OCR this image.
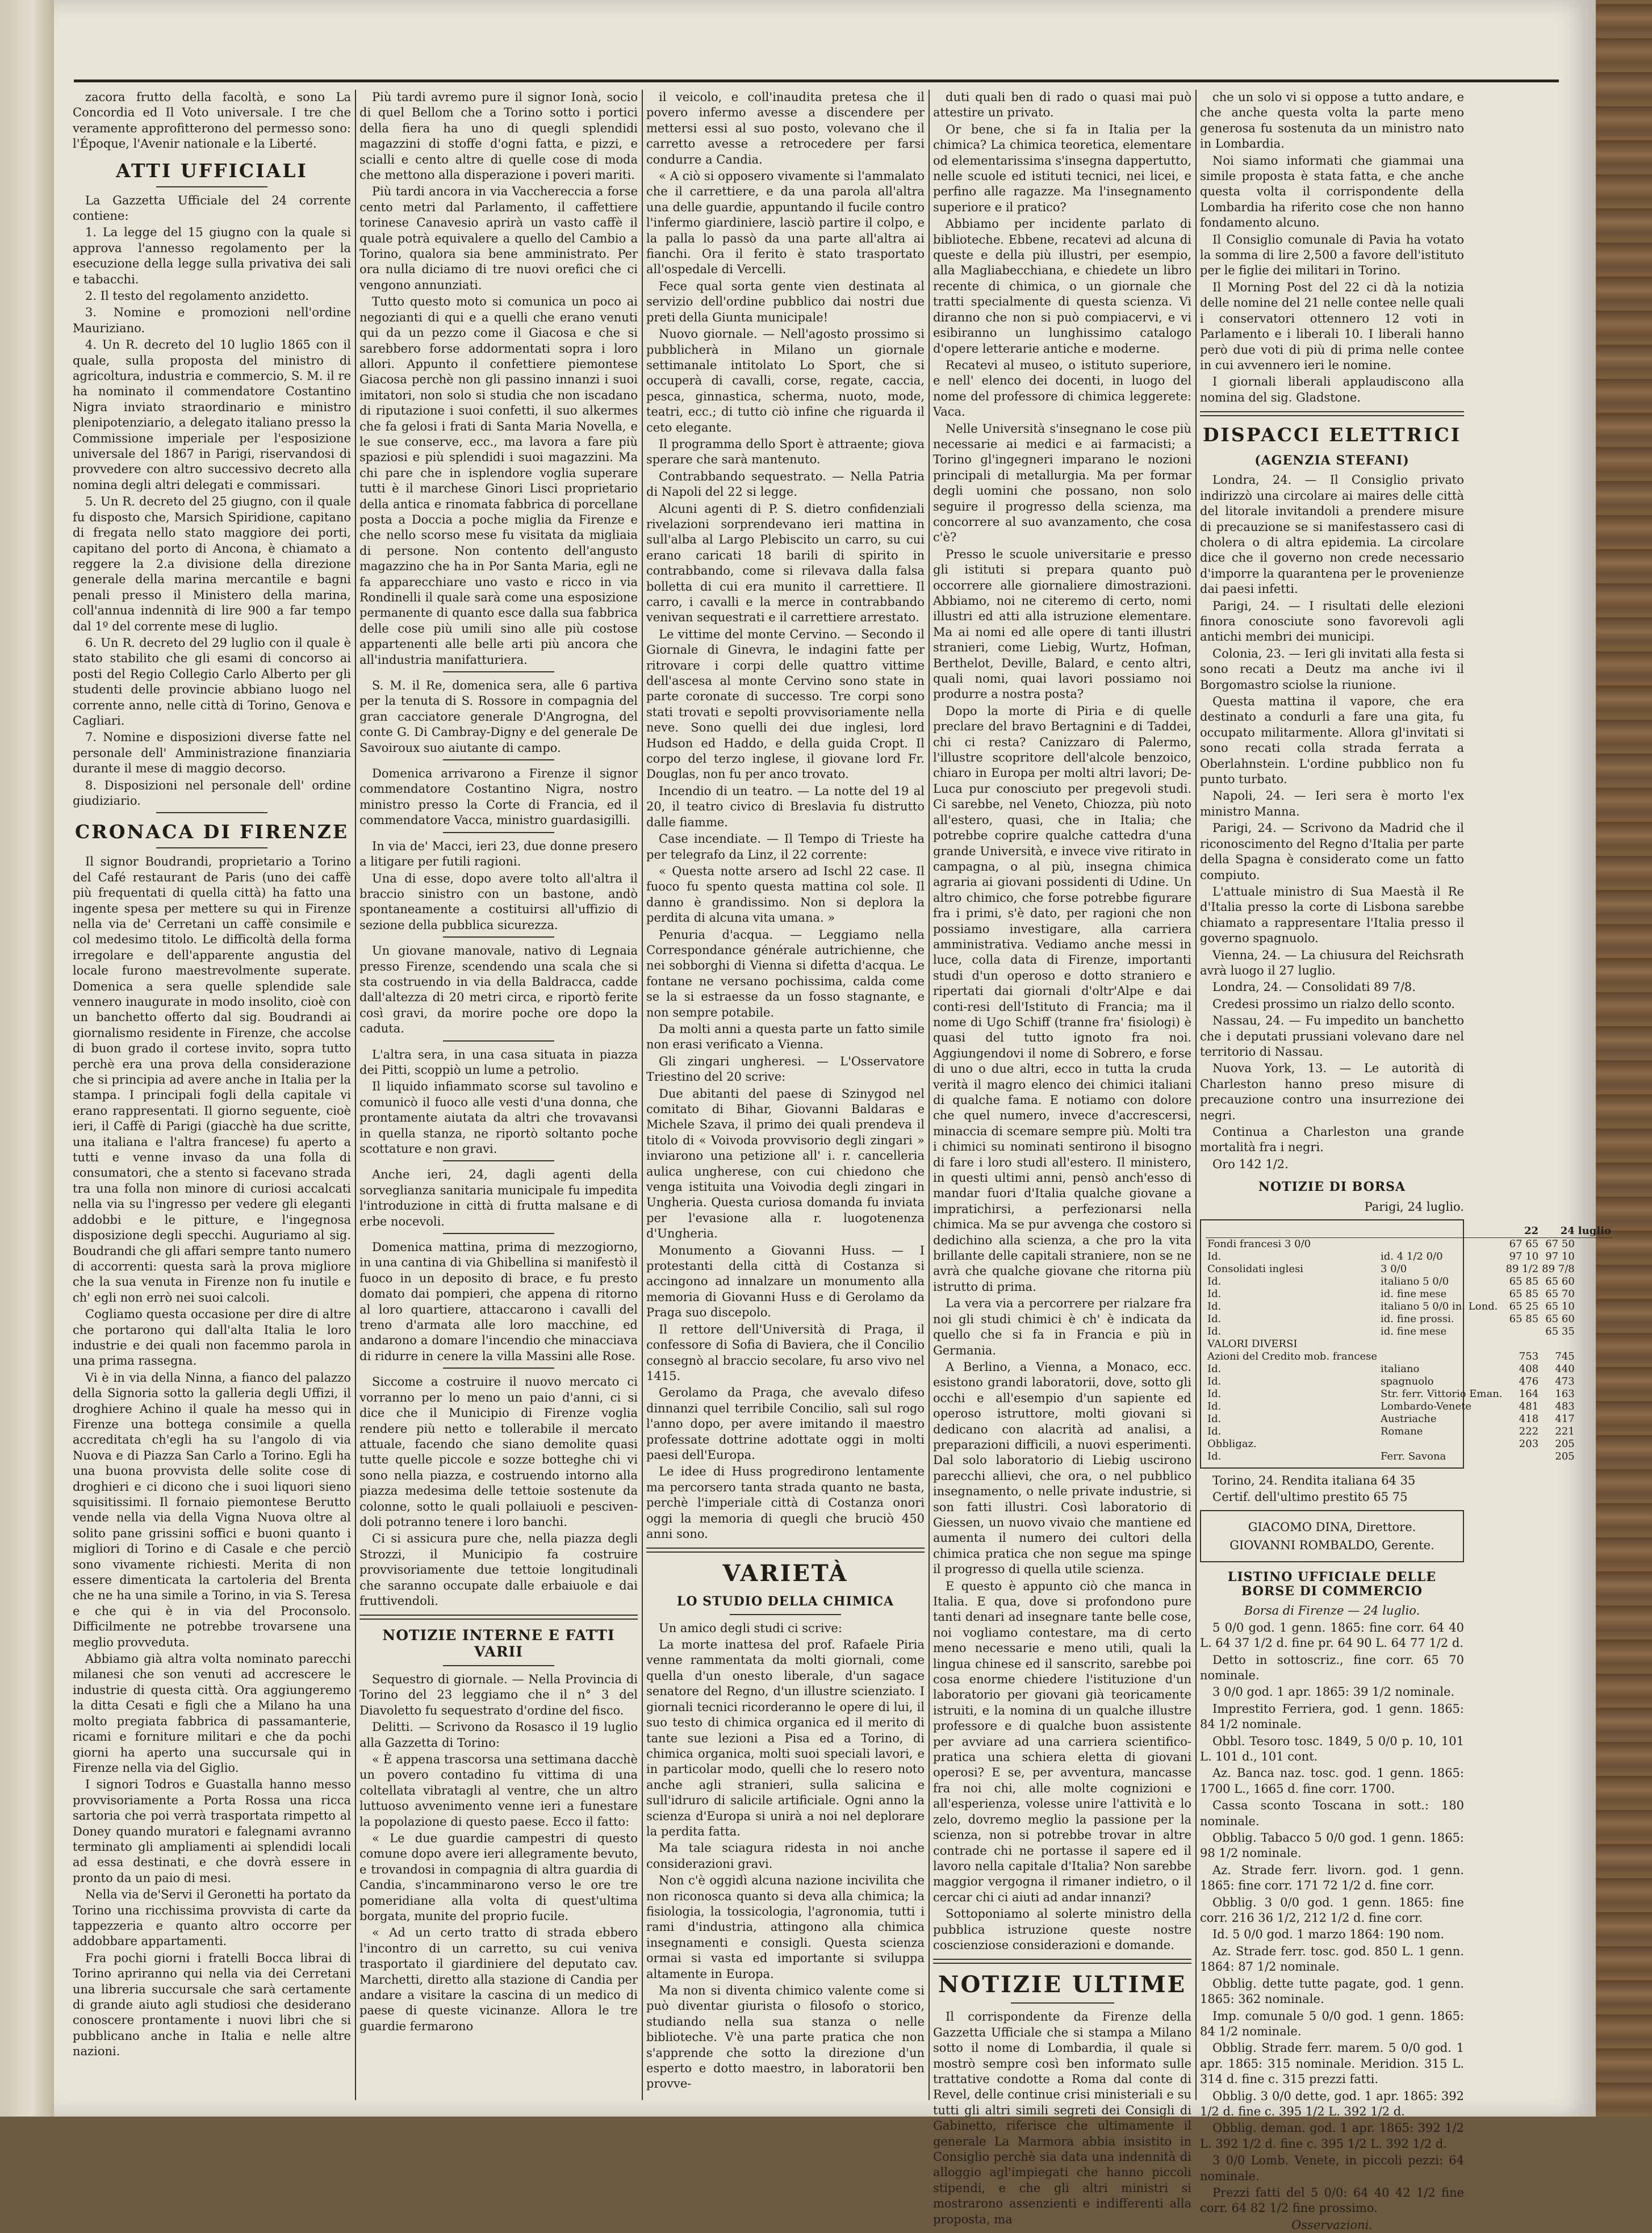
zacora frutto della facoltà, e sono La Concordia ed Il Voto universale. I tre che veramente approfitterono del permesso sono: l'Époque, l'Avenir nationale e la Liberté.

ATTI UFFICIALI

La Gazzetta Ufficiale del 24 corrente contiene:

1. La legge del 15 giugno con la quale si approva l'annesso regolamento per la esecuzione della legge sulla privativa dei sali e tabacchi.

2. Il testo del regolamento anzidetto.

3. Nomine e promozioni nell'ordine Mauriziano.

4. Un R. decreto del 10 luglio 1865 con il quale, sulla proposta del ministro di agricoltura, industria e commercio, S. M. il re ha nominato il commendatore Costantino Nigra inviato straordinario e ministro plenipotenziario, a delegato italiano presso la Commissione imperiale per l'esposizione universale del 1867 in Parigi, riservandosi di provvedere con altro successivo decreto alla nomina degli altri delegati e commissari.

5. Un R. decreto del 25 giugno, con il quale fu disposto che, Marsich Spiridione, capitano di fregata nello stato maggiore dei porti, capitano del porto di Ancona, è chiamato a reggere la 2.a divisione della direzione generale della marina mercantile e bagni penali presso il Ministero della marina, coll'annua indennità di lire 900 a far tempo dal 1º del corrente mese di luglio.

6. Un R. decreto del 29 luglio con il quale è stato stabilito che gli esami di concorso ai posti del Regio Collegio Carlo Alberto per gli studenti delle provincie abbiano luogo nel corrente anno, nelle città di Torino, Genova e Cagliari.

7. Nomine e disposizioni diverse fatte nel personale dell' Amministrazione finanziaria durante il mese di maggio decorso.

8. Disposizioni nel personale dell' ordine giudiziario.

CRONACA DI FIRENZE

Il signor Boudrandi, proprietario a Torino del Café restaurant de Paris (uno dei caffè più frequentati di quella città) ha fatto una ingente spesa per mettere su qui in Firenze nella via de' Cerretani un caffè consimile e col medesimo titolo. Le difficoltà della forma irregolare e dell'apparente angustia del locale furono maestrevolmente superate. Domenica a sera quelle splendide sale vennero inaugurate in modo insolito, cioè con un banchetto offerto dal sig. Boudrandi ai giornalismo residente in Firenze, che accolse di buon grado il cortese invito, sopra tutto perchè era una prova della considerazione che si principia ad avere anche in Italia per la stampa. I principali fogli della capitale vi erano rappresentati. Il giorno seguente, cioè ieri, il Caffè di Parigi (giacchè ha due scritte, una italiana e l'altra francese) fu aperto a tutti e venne invaso da una folla di consumatori, che a stento si facevano strada tra una folla non minore di curiosi accalcati nella via su l'ingresso per vedere gli eleganti addobbi e le pitture, e l'ingegnosa disposizione degli specchi. Auguriamo al sig. Boudrandi che gli affari sempre tanto numero di accorrenti: questa sarà la prova migliore che la sua venuta in Firenze non fu inutile e ch' egli non errò nei suoi calcoli.

Cogliamo questa occasione per dire di altre che portarono qui dall'alta Italia le loro industrie e dei quali non facemmo parola in una prima rassegna.

Vi è in via della Ninna, a fianco del palazzo della Signoria sotto la galleria degli Uffizi, il droghiere Achino il quale ha messo qui in Firenze una bottega consimile a quella accreditata ch'egli ha su l'angolo di via Nuova e di Piazza San Carlo a Torino. Egli ha una buona provvista delle solite cose di droghieri e ci dicono che i suoi liquori sieno squisitissimi. Il fornaio piemontese Berutto vende nella via della Vigna Nuova oltre al solito pane grissini soffici e buoni quanto i migliori di Torino e di Casale e che perciò sono vivamente richiesti. Merita di non essere dimenticata la cartoleria del Brenta che ne ha una simile a Torino, in via S. Teresa e che qui è in via del Proconsolo. Difficilmente ne potrebbe trovarsene una meglio provveduta.

Abbiamo già altra volta nominato parecchi milanesi che son venuti ad accrescere le industrie di questa città. Ora aggiungeremo la ditta Cesati e figli che a Milano ha una molto pregiata fabbrica di passamanterie, ricami e forniture militari e che da pochi giorni ha aperto una succursale qui in Firenze nella via del Giglio.

I signori Todros e Guastalla hanno messo provvisoriamente a Porta Rossa una ricca sartoria che poi verrà trasportata rimpetto al Doney quando muratori e falegnami avranno terminato gli ampliamenti ai splendidi locali ad essa destinati, e che dovrà essere in pronto da un paio di mesi.

Nella via de'Servi il Geronetti ha portato da Torino una ricchissima provvista di carte da tappezzeria e quanto altro occorre per addobbare appartamenti.

Fra pochi giorni i fratelli Bocca librai di Torino apriranno qui nella via dei Cerretani una libreria succursale che sarà certamente di grande aiuto agli studiosi che desiderano conoscere prontamente i nuovi libri che si pubblicano anche in Italia e nelle altre nazioni.

Più tardi avremo pure il signor Ionà, socio di quel Bellom che a Torino sotto i portici della fiera ha uno di quegli splendidi magazzini di stoffe d'ogni fatta, e pizzi, e scialli e cento altre di quelle cose di moda che mettono alla disperazione i poveri mariti.

Più tardi ancora in via Vacchereccia a forse cento metri dal Parlamento, il caffettiere torinese Canavesio aprirà un vasto caffè il quale potrà equivalere a quello del Cambio a Torino, qualora sia bene amministrato. Per ora nulla diciamo di tre nuovi orefici che ci vengono annunziati.

Tutto questo moto si comunica un poco ai negozianti di qui e a quelli che erano venuti qui da un pezzo come il Giacosa e che si sarebbero forse addormentati sopra i loro allori. Appunto il confettiere piemontese Giacosa perchè non gli passino innanzi i suoi imitatori, non solo si studia che non iscadano di riputazione i suoi confetti, il suo alkermes che fa gelosi i frati di Santa Maria Novella, e le sue conserve, ecc., ma lavora a fare più spaziosi e più splendidi i suoi magazzini. Ma chi pare che in isplendore voglia superare tutti è il marchese Ginori Lisci proprietario della antica e rinomata fabbrica di porcellane posta a Doccia a poche miglia da Firenze e che nello scorso mese fu visitata da migliaia di persone. Non contento dell'angusto magazzino che ha in Por Santa Maria, egli ne fa apparecchiare uno vasto e ricco in via Rondinelli il quale sarà come una esposizione permanente di quanto esce dalla sua fabbrica delle cose più umili sino alle più costose appartenenti alle belle arti più ancora che all'industria manifatturiera.

S. M. il Re, domenica sera, alle 6 partiva per la tenuta di S. Rossore in compagnia del gran cacciatore generale D'Angrogna, del conte G. Di Cambray-Digny e del generale De Savoiroux suo aiutante di campo.

Domenica arrivarono a Firenze il signor commendatore Costantino Nigra, nostro ministro presso la Corte di Francia, ed il commendatore Vacca, ministro guardasigilli.

In via de' Macci, ieri 23, due donne presero a litigare per futili ragioni.

Una di esse, dopo avere tolto all'altra il braccio sinistro con un bastone, andò spontaneamente a costituirsi all'uffizio di sezione della pubblica sicurezza.

Un giovane manovale, nativo di Legnaia presso Firenze, scendendo una scala che si sta costruendo in via della Baldracca, cadde dall'altezza di 20 metri circa, e riportò ferite così gravi, da morire poche ore dopo la caduta.

L'altra sera, in una casa situata in piazza dei Pitti, scoppiò un lume a petrolio.

Il liquido infiammato scorse sul tavolino e comunicò il fuoco alle vesti d'una donna, che prontamente aiutata da altri che trovavansi in quella stanza, ne riportò soltanto poche scottature e non gravi.

Anche ieri, 24, dagli agenti della sorveglianza sanitaria municipale fu impedita l'introduzione in città di frutta malsane e di erbe nocevoli.

Domenica mattina, prima di mezzogiorno, in una cantina di via Ghibellina si manifestò il fuoco in un deposito di brace, e fu presto domato dai pompieri, che appena di ritorno al loro quartiere, attaccarono i cavalli del treno d'armata alle loro macchine, ed andarono a domare l'incendio che minacciava di ridurre in cenere la villa Massini alle Rose.

Siccome a costruire il nuovo mercato ci vorranno per lo meno un paio d'anni, ci si dice che il Municipio di Firenze voglia rendere più netto e tollerabile il mercato attuale, facendo che siano demolite quasi tutte quelle piccole e sozze botteghe chi vi sono nella piazza, e costruendo intorno alla piazza medesima delle tettoie sostenute da colonne, sotto le quali pollaiuoli e pescivendoli potranno tenere i loro banchi.

Ci si assicura pure che, nella piazza degli Strozzi, il Municipio fa costruire provvisoriamente due tettoie longitudinali che saranno occupate dalle erbaiuole e dai fruttivendoli.

NOTIZIE INTERNE E FATTI VARII

Sequestro di giornale. — Nella Provincia di Torino del 23 leggiamo che il n° 3 del Diavoletto fu sequestrato d'ordine del fisco.

Delitti. — Scrivono da Rosasco il 19 luglio alla Gazzetta di Torino:

« È appena trascorsa una settimana dacchè un povero contadino fu vittima di una coltellata vibratagli al ventre, che un altro luttuoso avvenimento venne ieri a funestare la popolazione di questo paese. Ecco il fatto:

« Le due guardie campestri di questo comune dopo avere ieri allegramente bevuto, e trovandosi in compagnia di altra guardia di Candia, s'incamminarono verso le ore tre pomeridiane alla volta di quest'ultima borgata, munite del proprio fucile.

« Ad un certo tratto di strada ebbero l'incontro di un carretto, su cui veniva trasportato il giardiniere del deputato cav. Marchetti, diretto alla stazione di Candia per andare a visitare la cascina di un medico di paese di queste vicinanze. Allora le tre guardie fermarono

il veicolo, e coll'inaudita pretesa che il povero infermo avesse a discendere per mettersi essi al suo posto, volevano che il carretto avesse a retrocedere per farsi condurre a Candia.

« A ciò si opposero vivamente si l'ammalato che il carrettiere, e da una parola all'altra una delle guardie, appuntando il fucile contro l'infermo giardiniere, lasciò partire il colpo, e la palla lo passò da una parte all'altra ai fianchi. Ora il ferito è stato trasportato all'ospedale di Vercelli.

Fece qual sorta gente vien destinata al servizio dell'ordine pubblico dai nostri due preti della Giunta municipale!

Nuovo giornale. — Nell'agosto prossimo si pubblicherà in Milano un giornale settimanale intitolato Lo Sport, che si occuperà di cavalli, corse, regate, caccia, pesca, ginnastica, scherma, nuoto, mode, teatri, ecc.; di tutto ciò infine che riguarda il ceto elegante.

Il programma dello Sport è attraente; giova sperare che sarà mantenuto.

Contrabbando sequestrato. — Nella Patria di Napoli del 22 si legge.

Alcuni agenti di P. S. dietro confidenziali rivelazioni sorprendevano ieri mattina in sull'alba al Largo Plebiscito un carro, su cui erano caricati 18 barili di spirito in contrabbando, come si rilevava dalla falsa bolletta di cui era munito il carrettiere. Il carro, i cavalli e la merce in contrabbando venivan sequestrati e il carrettiere arrestato.

Le vittime del monte Cervino. — Secondo il Giornale di Ginevra, le indagini fatte per ritrovare i corpi delle quattro vittime dell'ascesa al monte Cervino sono state in parte coronate di successo. Tre corpi sono stati trovati e sepolti provvisoriamente nella neve. Sono quelli dei due inglesi, lord Hudson ed Haddo, e della guida Cropt. Il corpo del terzo inglese, il giovane lord Fr. Douglas, non fu per anco trovato.

Incendio di un teatro. — La notte del 19 al 20, il teatro civico di Breslavia fu distrutto dalle fiamme.

Case incendiate. — Il Tempo di Trieste ha per telegrafo da Linz, il 22 corrente:

« Questa notte arsero ad Ischl 22 case. Il fuoco fu spento questa mattina col sole. Il danno è grandissimo. Non si deplora la perdita di alcuna vita umana. »

Penuria d'acqua. — Leggiamo nella Correspondance générale autrichienne, che nei sobborghi di Vienna si difetta d'acqua. Le fontane ne versano pochissima, calda come se la si estraesse da un fosso stagnante, e non sempre potabile.

Da molti anni a questa parte un fatto simile non erasi verificato a Vienna.

Gli zingari ungheresi. — L'Osservatore Triestino del 20 scrive:

Due abitanti del paese di Szinygod nel comitato di Bihar, Giovanni Baldaras e Michele Szava, il primo dei quali prendeva il titolo di « Voivoda provvisorio degli zingari » inviarono una petizione all' i. r. cancelleria aulica ungherese, con cui chiedono che venga istituita una Voivodia degli zingari in Ungheria. Questa curiosa domanda fu inviata per l'evasione alla r. luogotenenza d'Ungheria.

Monumento a Giovanni Huss. — I protestanti della città di Costanza si accingono ad innalzare un monumento alla memoria di Giovanni Huss e di Gerolamo da Praga suo discepolo.

Il rettore dell'Università di Praga, il confessore di Sofia di Baviera, che il Concilio consegnò al braccio secolare, fu arso vivo nel 1415.

Gerolamo da Praga, che avevalo difeso dinnanzi quel terribile Concilio, salì sul rogo l'anno dopo, per avere imitando il maestro professate dottrine adottate oggi in molti paesi dell'Europa.

Le idee di Huss progredirono lentamente ma percorsero tanta strada quanto ne basta, perchè l'imperiale città di Costanza onori oggi la memoria di quegli che bruciò 450 anni sono.

VARIETÀ
LO STUDIO DELLA CHIMICA

Un amico degli studi ci scrive:

La morte inattesa del prof. Rafaele Piria venne rammentata da molti giornali, come quella d'un onesto liberale, d'un sagace senatore del Regno, d'un illustre scienziato. I giornali tecnici ricorderanno le opere di lui, il suo testo di chimica organica ed il merito di tante sue lezioni a Pisa ed a Torino, di chimica organica, molti suoi speciali lavori, e in particolar modo, quelli che lo resero noto anche agli stranieri, sulla salicina e sull'idruro di salicile artificiale. Ogni anno la scienza d'Europa si unirà a noi nel deplorare la perdita fatta.

Ma tale sciagura ridesta in noi anche considerazioni gravi.

Non c'è oggidì alcuna nazione incivilita che non riconosca quanto si deva alla chimica; la fisiologia, la tossicologia, l'agronomia, tutti i rami d'industria, attingono alla chimica insegnamenti e consigli. Questa scienza ormai si vasta ed importante si sviluppa altamente in Europa.

Ma non si diventa chimico valente come si può diventar giurista o filosofo o storico, studiando nella sua stanza o nelle biblioteche. V'è una parte pratica che non s'apprende che sotto la direzione d'un esperto e dotto maestro, in laboratorii ben provve-

duti quali ben di rado o quasi mai può attestire un privato.

Or bene, che si fa in Italia per la chimica? La chimica teoretica, elementare od elementarissima s'insegna dappertutto, nelle scuole ed istituti tecnici, nei licei, e perfino alle ragazze. Ma l'insegnamento superiore e il pratico?

Abbiamo per incidente parlato di biblioteche. Ebbene, recatevi ad alcuna di queste e della più illustri, per esempio, alla Magliabecchiana, e chiedete un libro recente di chimica, o un giornale che tratti specialmente di questa scienza. Vi diranno che non si può compiacervi, e vi esibiranno un lunghissimo catalogo d'opere letterarie antiche e moderne.

Recatevi al museo, o istituto superiore, e nell' elenco dei docenti, in luogo del nome del professore di chimica leggerete: Vaca.

Nelle Università s'insegnano le cose più necessarie ai medici e ai farmacisti; a Torino gl'ingegneri imparano le nozioni principali di metallurgia. Ma per formar degli uomini che possano, non solo seguire il progresso della scienza, ma concorrere al suo avanzamento, che cosa c'è?

Presso le scuole universitarie e presso gli istituti si prepara quanto può occorrere alle giornaliere dimostrazioni. Abbiamo, noi ne citeremo di certo, nomi illustri ed atti alla istruzione elementare. Ma ai nomi ed alle opere di tanti illustri stranieri, come Liebig, Wurtz, Hofman, Berthelot, Deville, Balard, e cento altri, quali nomi, quai lavori possiamo noi produrre a nostra posta?

Dopo la morte di Piria e di quelle preclare del bravo Bertagnini e di Taddei, chi ci resta? Canizzaro di Palermo, l'illustre scopritore dell'alcole benzoico, chiaro in Europa per molti altri lavori; De-Luca pur conosciuto per pregevoli studi. Ci sarebbe, nel Veneto, Chiozza, più noto all'estero, quasi, che in Italia; che potrebbe coprire qualche cattedra d'una grande Università, e invece vive ritirato in campagna, o al più, insegna chimica agraria ai giovani possidenti di Udine. Un altro chimico, che forse potrebbe figurare fra i primi, s'è dato, per ragioni che non possiamo investigare, alla carriera amministrativa. Vediamo anche messi in luce, colla data di Firenze, importanti studi d'un operoso e dotto straniero e ripertati dai giornali d'oltr'Alpe e dai conti-resi dell'Istituto di Francia; ma il nome di Ugo Schiff (tranne fra' fisiologi) è quasi del tutto ignoto fra noi. Aggiungendovi il nome di Sobrero, e forse di uno o due altri, ecco in tutta la cruda verità il magro elenco dei chimici italiani di qualche fama. E notiamo con dolore che quel numero, invece d'accrescersi, minaccia di scemare sempre più. Molti tra i chimici su nominati sentirono il bisogno di fare i loro studi all'estero. Il ministero, in questi ultimi anni, pensò anch'esso di mandar fuori d'Italia qualche giovane a impratichirsi, a perfezionarsi nella chimica. Ma se pur avvenga che costoro si dedichino alla scienza, a che pro la vita brillante delle capitali straniere, non se ne avrà che qualche giovane che ritorna più istrutto di prima.

La vera via a percorrere per rialzare fra noi gli studi chimici è ch' è indicata da quello che si fa in Francia e più in Germania.

A Berlino, a Vienna, a Monaco, ecc. esistono grandi laboratorii, dove, sotto gli occhi e all'esempio d'un sapiente ed operoso istruttore, molti giovani si dedicano con alacrità ad analisi, a preparazioni difficili, a nuovi esperimenti. Dal solo laboratorio di Liebig uscirono parecchi allievi, che ora, o nel pubblico insegnamento, o nelle private industrie, si son fatti illustri. Così laboratorio di Giessen, un nuovo vivaio che mantiene ed aumenta il numero dei cultori della chimica pratica che non segue ma spinge il progresso di quella utile scienza.

E questo è appunto ciò che manca in Italia. E qua, dove si profondono pure tanti denari ad insegnare tante belle cose, noi vogliamo contestare, ma di certo meno necessarie e meno utili, quali la lingua chinese ed il sanscrito, sarebbe poi cosa enorme chiedere l'istituzione d'un laboratorio per giovani già teoricamente istruiti, e la nomina di un qualche illustre professore e di qualche buon assistente per avviare ad una carriera scientifico-pratica una schiera eletta di giovani operosi? E se, per avventura, mancasse fra noi chi, alle molte cognizioni e all'esperienza, volesse unire l'attività e lo zelo, dovremo meglio la passione per la scienza, non si potrebbe trovar in altre contrade chi ne portasse il sapere ed il lavoro nella capitale d'Italia? Non sarebbe maggior vergogna il rimaner indietro, o il cercar chi ci aiuti ad andar innanzi?

Sottoponiamo al solerte ministro della pubblica istruzione queste nostre coscienziose considerazioni e domande.

NOTIZIE ULTIME

Il corrispondente da Firenze della Gazzetta Ufficiale che si stampa a Milano sotto il nome di Lombardia, il quale si mostrò sempre così ben informato sulle trattative condotte a Roma dal conte di Revel, delle continue crisi ministeriali e su tutti gli altri simili segreti dei Consigli di Gabinetto, riferisce che ultimamente il generale La Marmora abbia insistito in Consiglio perchè sia data una indennità di alloggio agl'impiegati che hanno piccoli stipendi, e che gli altri ministri si mostrarono assenzienti e indifferenti alla proposta, ma

che un solo vi si oppose a tutto andare, e che anche questa volta la parte meno generosa fu sostenuta da un ministro nato in Lombardia.

Noi siamo informati che giammai una simile proposta è stata fatta, e che anche questa volta il corrispondente della Lombardia ha riferito cose che non hanno fondamento alcuno.

Il Consiglio comunale di Pavia ha votato la somma di lire 2,500 a favore dell'istituto per le figlie dei militari in Torino.

Il Morning Post del 22 ci dà la notizia delle nomine del 21 nelle contee nelle quali i conservatori ottennero 12 voti in Parlamento e i liberali 10. I liberali hanno però due voti di più di prima nelle contee in cui avvennero ieri le nomine.

I giornali liberali applaudiscono alla nomina del sig. Gladstone.

DISPACCI ELETTRICI
(AGENZIA STEFANI)

Londra, 24. — Il Consiglio privato indirizzò una circolare ai maires delle città del litorale invitandoli a prendere misure di precauzione se si manifestassero casi di cholera o di altra epidemia. La circolare dice che il governo non crede necessario d'imporre la quarantena per le provenienze dai paesi infetti.

Parigi, 24. — I risultati delle elezioni finora conosciute sono favorevoli agli antichi membri dei municipi.

Colonia, 23. — Ieri gli invitati alla festa si sono recati a Deutz ma anche ivi il Borgomastro sciolse la riunione.

Questa mattina il vapore, che era destinato a condurli a fare una gita, fu occupato militarmente. Allora gl'invitati si sono recati colla strada ferrata a Oberlahnstein. L'ordine pubblico non fu punto turbato.

Napoli, 24. — Ieri sera è morto l'ex ministro Manna.

Parigi, 24. — Scrivono da Madrid che il riconoscimento del Regno d'Italia per parte della Spagna è considerato come un fatto compiuto.

L'attuale ministro di Sua Maestà il Re d'Italia presso la corte di Lisbona sarebbe chiamato a rappresentare l'Italia presso il governo spagnuolo.

Vienna, 24. — La chiusura del Reichsrath avrà luogo il 27 luglio.

Londra, 24. — Consolidati 89 7/8.

Credesi prossimo un rialzo dello sconto.

Nassau, 24. — Fu impedito un banchetto che i deputati prussiani volevano dare nel territorio di Nassau.

Nuova York, 13. — Le autorità di Charleston hanno preso misure di precauzione contro una insurrezione dei negri.

Continua a Charleston una grande mortalità fra i negri.

Oro 142 1/2.

NOTIZIE DI BORSA

Parigi, 24 luglio.

		22	24	luglio
Fondi francesi 3 0/0		67 65	67 50	
Id.	id. 4 1/2 0/0	97 10	97 10	
Consolidati inglesi	3 0/0	89 1/2	89 7/8	
Id.	italiano 5 0/0	65 85	65 60	
Id.	id. fine mese	65 85	65 70	
Id.	italiano 5 0/0 in. Lond.	65 25	65 10	
Id.	id. fine prossi.	65 85	65 60	
Id.	id. fine mese		65 35	
VALORI DIVERSI				
Azioni del Credito mob. francese		753	745	
Id.	italiano	408	440	
Id.	spagnuolo	476	473	
Id.	Str. ferr. Vittorio Eman.	164	163	
Id.	Lombardo-Venete	481	483	
Id.	Austriache	418	417	
Id.	Romane	222	221	
Obbligaz.		203	205	
Id.	Ferr. Savona		205	

Torino, 24. Rendita italiana 64 35

Certif. dell'ultimo prestito 65 75

GIACOMO DINA, Direttore.
GIOVANNI ROMBALDO, Gerente.
LISTINO UFFICIALE DELLE BORSE DI COMMERCIO

Borsa di Firenze — 24 luglio.

5 0/0 god. 1 genn. 1865: fine corr. 64 40 L. 64 37 1/2 d. fine pr. 64 90 L. 64 77 1/2 d.

Detto in sottoscriz., fine corr. 65 70 nominale.

3 0/0 god. 1 apr. 1865: 39 1/2 nominale.

Imprestito Ferriera, god. 1 genn. 1865: 84 1/2 nominale.

Obbl. Tesoro tosc. 1849, 5 0/0 p. 10, 101 L. 101 d., 101 cont.

Az. Banca naz. tosc. god. 1 genn. 1865: 1700 L., 1665 d. fine corr. 1700.

Cassa sconto Toscana in sott.: 180 nominale.

Obblig. Tabacco 5 0/0 god. 1 genn. 1865: 98 1/2 nominale.

Az. Strade ferr. livorn. god. 1 genn. 1865: fine corr. 171 72 1/2 d. fine corr.

Obblig. 3 0/0 god. 1 genn. 1865: fine corr. 216 36 1/2, 212 1/2 d. fine corr.

Id. 5 0/0 god. 1 marzo 1864: 190 nom.

Az. Strade ferr. tosc. god. 850 L. 1 genn. 1864: 87 1/2 nominale.

Obblig. dette tutte pagate, god. 1 genn. 1865: 362 nominale.

Imp. comunale 5 0/0 god. 1 genn. 1865: 84 1/2 nominale.

Obblig. Strade ferr. marem. 5 0/0 god. 1 apr. 1865: 315 nominale. Meridion. 315 L. 314 d. fine c. 315 prezzi fatti.

Obblig. 3 0/0 dette, god. 1 apr. 1865: 392 1/2 d. fine c. 395 1/2 L. 392 1/2 d.

Obblig. deman. god. 1 apr. 1865: 392 1/2 L. 392 1/2 d. fine c. 395 1/2 L. 392 1/2 d.

3 0/0 Lomb. Venete, in piccoli pezzi: 64 nominale.

Prezzi fatti del 5 0/0: 64 40 42 1/2 fine corr. 64 82 1/2 fine prossimo.

Osservazioni.
